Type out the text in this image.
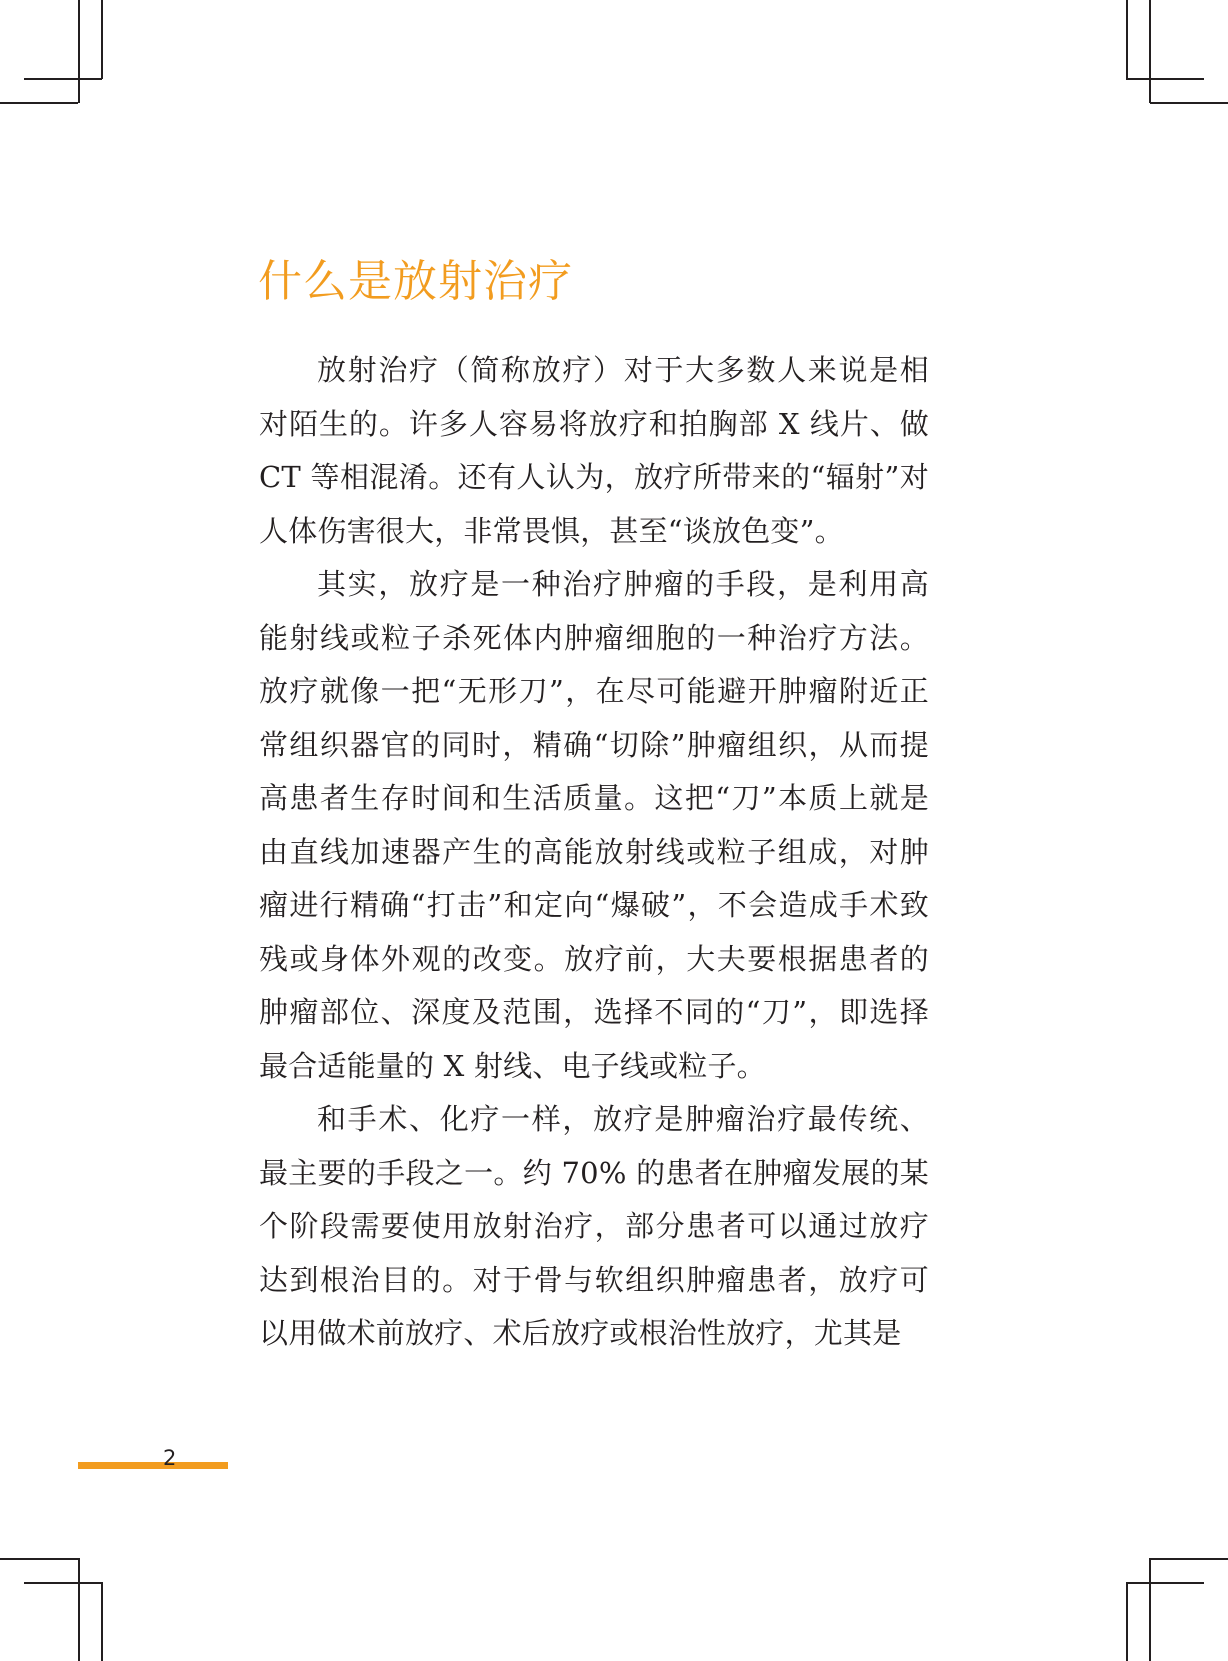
什么是放射治疗

放射治疗（简称放疗）对于大多数人来说是相对陌生的。许多人容易将放疗和拍胸部 X 线片、做 CT 等相混淆。还有人认为，放疗所带来的“辐射”对人体伤害很大，非常畏惧，甚至“谈放色变”。

其实，放疗是一种治疗肿瘤的手段，是利用高能射线或粒子杀死体内肿瘤细胞的一种治疗方法。放疗就像一把“无形刀”，在尽可能避开肿瘤附近正常组织器官的同时，精确“切除”肿瘤组织，从而提高患者生存时间和生活质量。这把“刀”本质上就是由直线加速器产生的高能放射线或粒子组成，对肿瘤进行精确“打击”和定向“爆破”，不会造成手术致残或身体外观的改变。放疗前，大夫要根据患者的肿瘤部位、深度及范围，选择不同的“刀”，即选择最合适能量的 X 射线、电子线或粒子。

和手术、化疗一样，放疗是肿瘤治疗最传统、最主要的手段之一。约 70% 的患者在肿瘤发展的某个阶段需要使用放射治疗，部分患者可以通过放疗达到根治目的。对于骨与软组织肿瘤患者，放疗可以用做术前放疗、术后放疗或根治性放疗，尤其是

2
